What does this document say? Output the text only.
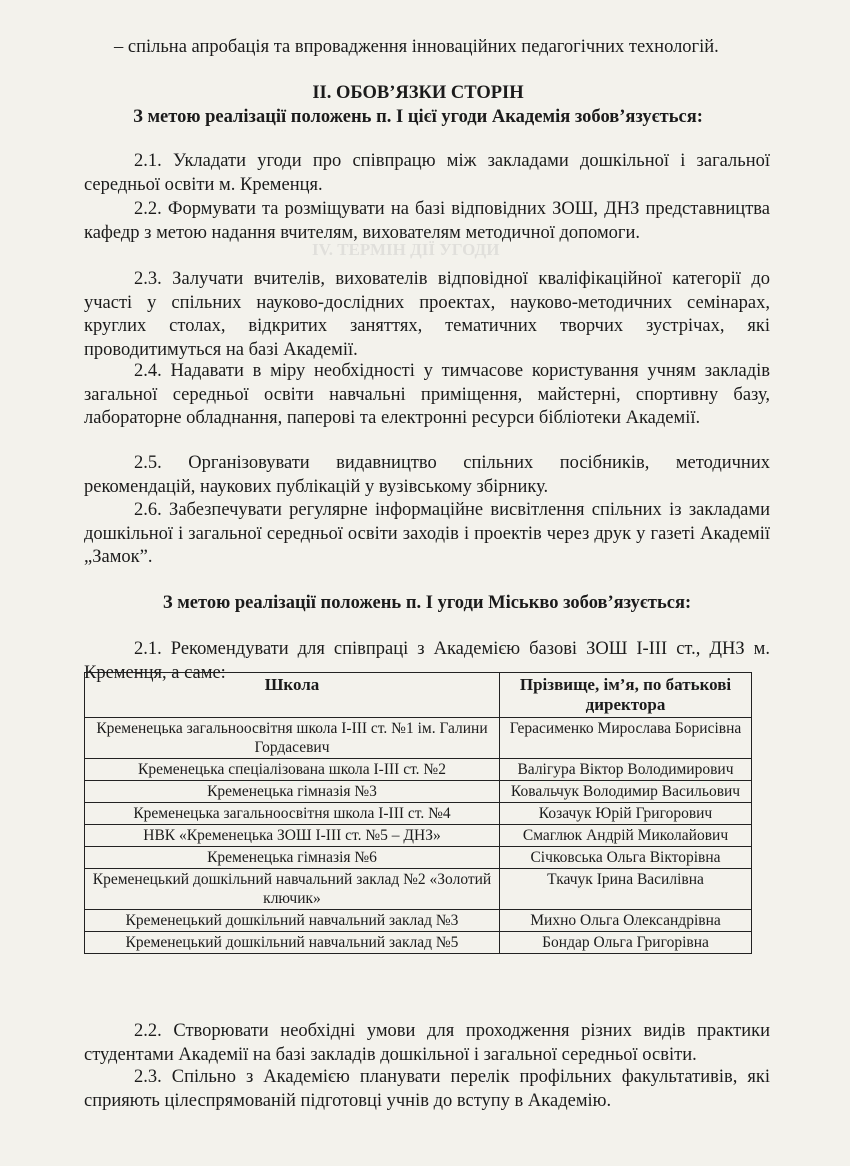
IV. ТЕРМІН ДІЇ УГОДИ

– спільна апробація та впровадження інноваційних педагогічних технологій.

ІІ. ОБОВ’ЯЗКИ СТОРІН

З метою реалізації положень п. І цієї угоди Академія зобов’язується:

2.1. Укладати угоди про співпрацю між закладами дошкільної і загальної середньої освіти м. Кременця.

2.2. Формувати та розміщувати на базі відповідних ЗОШ, ДНЗ представництва кафедр з метою надання вчителям, вихователям методичної допомоги.

2.3. Залучати вчителів, вихователів відповідної кваліфікаційної категорії до участі у спільних науково-дослідних проектах, науково-методичних семінарах, круглих столах, відкритих заняттях, тематичних творчих зустрічах, які проводитимуться на базі Академії.

2.4. Надавати в міру необхідності у тимчасове користування учням закладів загальної середньої освіти навчальні приміщення, майстерні, спортивну базу, лабораторне обладнання, паперові та електронні ресурси бібліотеки Академії.

2.5. Організовувати видавництво спільних посібників, методичних рекомендацій, наукових публікацій у вузівському збірнику.

2.6. Забезпечувати регулярне інформаційне висвітлення спільних із закладами дошкільної і загальної середньої освіти заходів і проектів через друк у газеті Академії „Замок”.

З метою реалізації положень п. І угоди Міськво зобов’язується:

2.1. Рекомендувати для співпраці з Академією базові ЗОШ І-ІІІ ст., ДНЗ м. Кременця, а саме:

Школа	Прізвище, ім’я, по батькові директора
Кременецька загальноосвітня школа І-ІІІ ст. №1 ім. Галини Гордасевич	Герасименко Мирослава Борисівна
Кременецька спеціалізована школа І-ІІІ ст. №2	Валігура Віктор Володимирович
Кременецька гімназія №3	Ковальчук Володимир Васильович
Кременецька загальноосвітня школа І-ІІІ ст. №4	Козачук Юрій Григорович
НВК «Кременецька ЗОШ І-ІІІ ст. №5 – ДНЗ»	Смаглюк Андрій Миколайович
Кременецька гімназія №6	Січковська Ольга Вікторівна
Кременецький дошкільний навчальний заклад №2 «Золотий ключик»	Ткачук Ірина Василівна
Кременецький дошкільний навчальний заклад №3	Михно Ольга Олександрівна
Кременецький дошкільний навчальний заклад №5	Бондар Ольга Григорівна

2.2. Створювати необхідні умови для проходження різних видів практики студентами Академії на базі закладів дошкільної і загальної середньої освіти.

2.3. Спільно з Академією планувати перелік профільних факультативів, які сприяють цілеспрямованій підготовці учнів до вступу в Академію.
